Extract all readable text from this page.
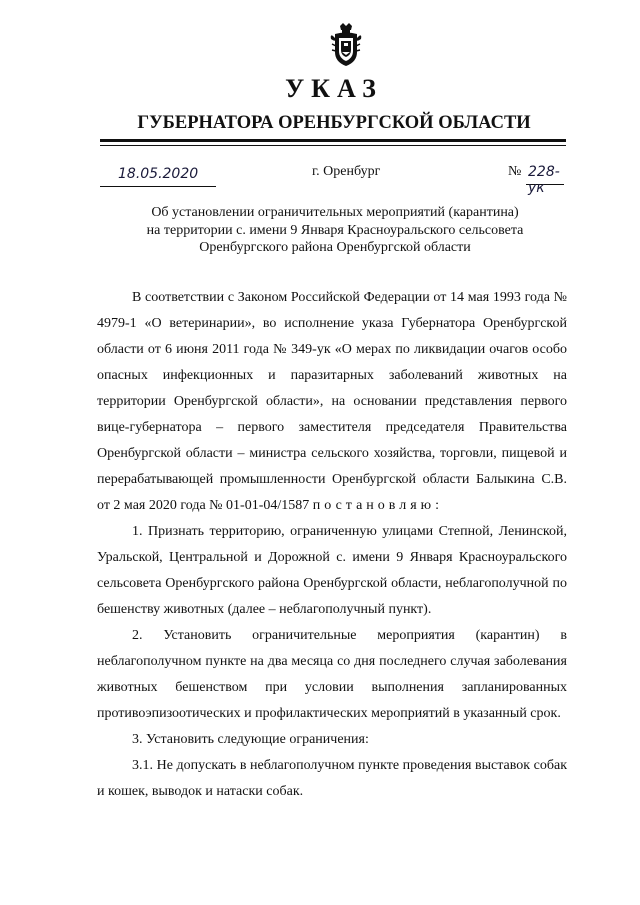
УКАЗ
ГУБЕРНАТОРА ОРЕНБУРГСКОЙ ОБЛАСТИ
18.05.2020	г. Оренбург	№ 228-ук
Об установлении ограничительных мероприятий (карантина)
на территории с. имени 9 Января Красноуральского сельсовета
Оренбургского района Оренбургской области

В соответствии с Законом Российской Федерации от 14 мая 1993 года № 4979-1 «О ветеринарии», во исполнение указа Губернатора Оренбургской области от 6 июня 2011 года № 349-ук «О мерах по ликвидации очагов особо опасных инфекционных и паразитарных заболеваний животных на территории Оренбургской области», на основании представления первого вице-губернатора – первого заместителя председателя Правительства Оренбургской области – министра сельского хозяйства, торговли, пищевой и перерабатывающей промышленности Оренбургской области Балыкина С.В. от 2 мая 2020 года № 01-01-04/1587 постановляю:

1. Признать территорию, ограниченную улицами Степной, Ленинской, Уральской, Центральной и Дорожной с. имени 9 Января Красноуральского сельсовета Оренбургского района Оренбургской области, неблагополучной по бешенству животных (далее – неблагополучный пункт).

2. Установить ограничительные мероприятия (карантин) в неблагополучном пункте на два месяца со дня последнего случая заболевания животных бешенством при условии выполнения запланированных противоэпизоотических и профилактических мероприятий в указанный срок.

3. Установить следующие ограничения:

3.1. Не допускать в неблагополучном пункте проведения выставок собак и кошек, выводок и натаски собак.
